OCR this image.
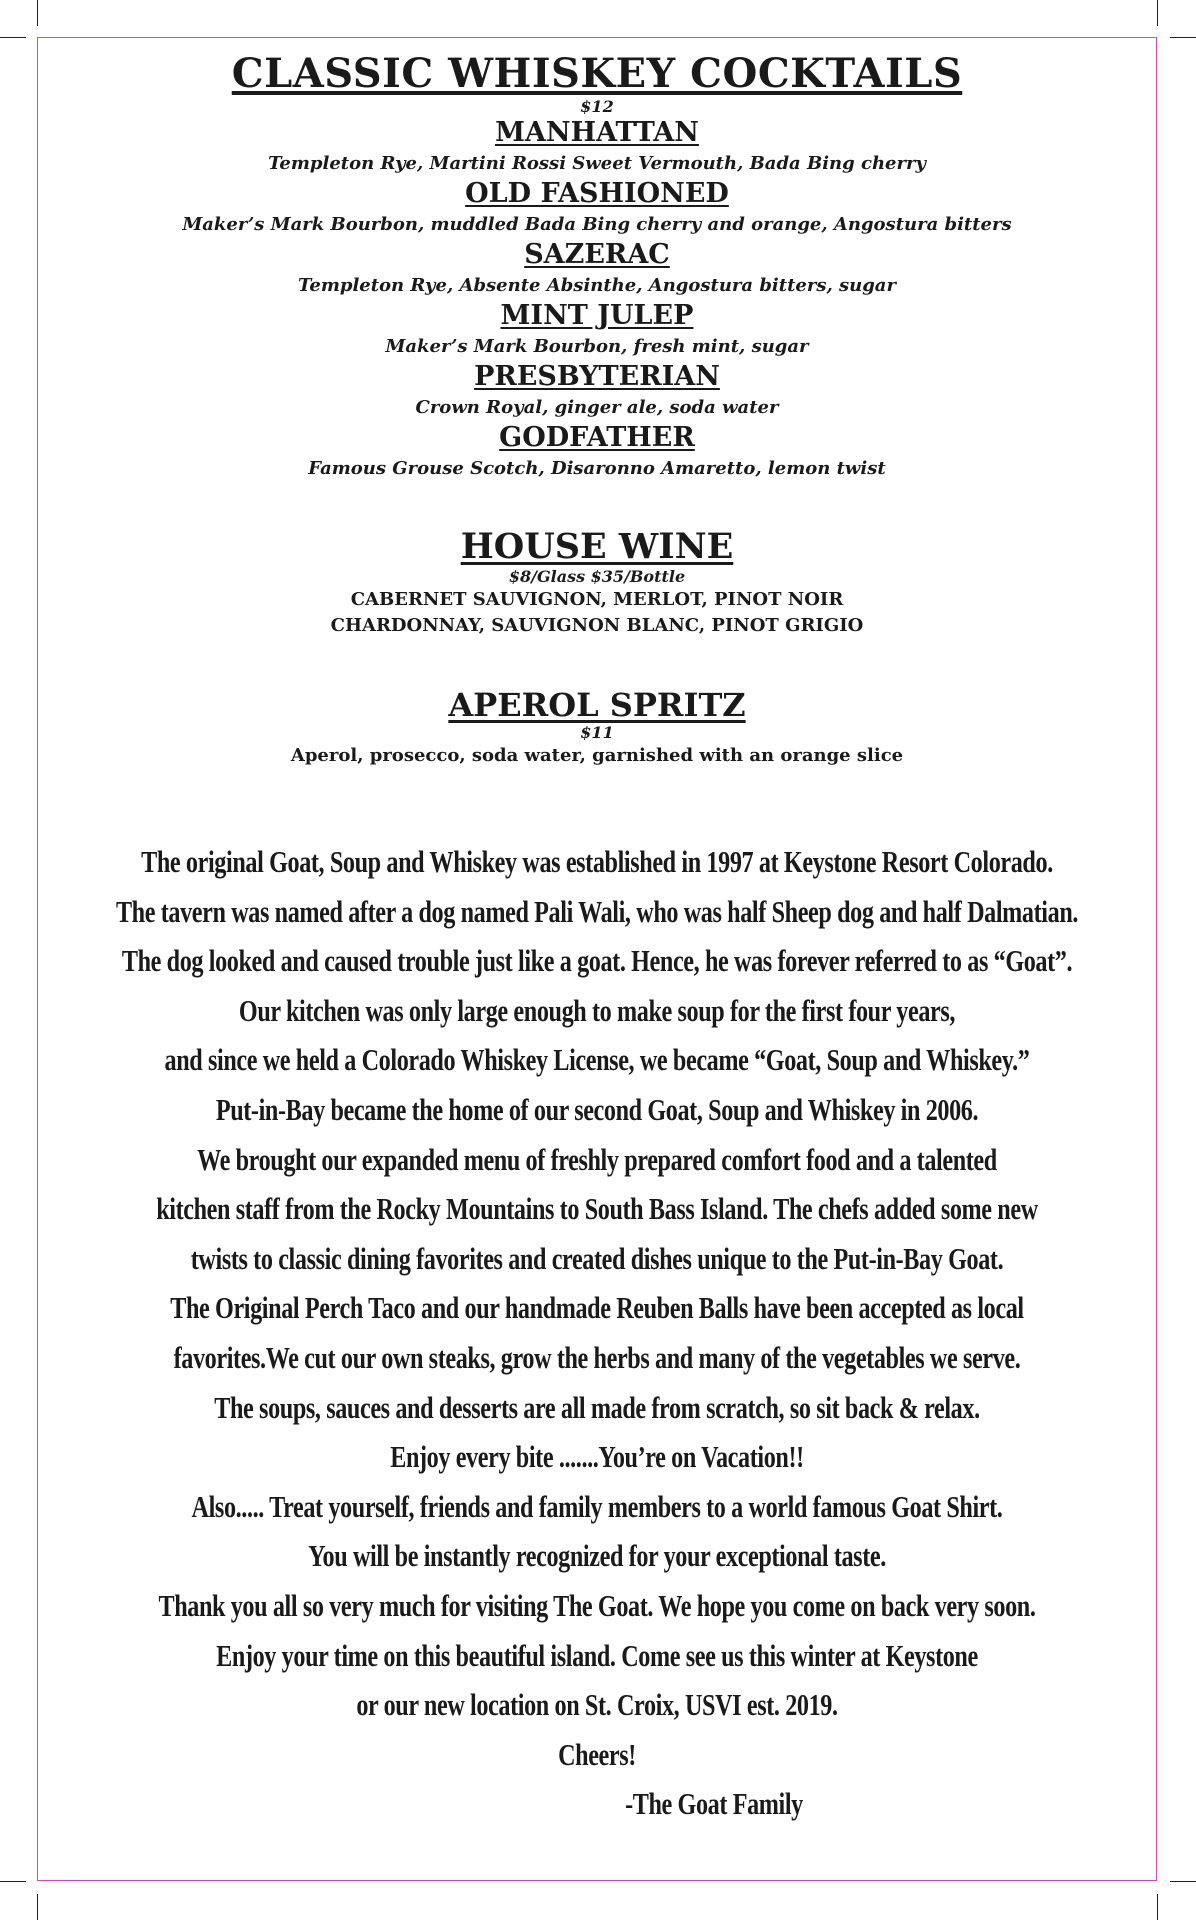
CLASSIC WHISKEY COCKTAILS

$12

MANHATTAN

Templeton Rye, Martini Rossi Sweet Vermouth, Bada Bing cherry

OLD FASHIONED

Maker’s Mark Bourbon, muddled Bada Bing cherry and orange, Angostura bitters

SAZERAC

Templeton Rye, Absente Absinthe, Angostura bitters, sugar

MINT JULEP

Maker’s Mark Bourbon, fresh mint, sugar

PRESBYTERIAN

Crown Royal, ginger ale, soda water

GODFATHER

Famous Grouse Scotch, Disaronno Amaretto, lemon twist

HOUSE WINE

$8/Glass $35/Bottle

CABERNET SAUVIGNON, MERLOT, PINOT NOIR

CHARDONNAY, SAUVIGNON BLANC, PINOT GRIGIO

APEROL SPRITZ

$11

Aperol, prosecco, soda water, garnished with an orange slice

The original Goat, Soup and Whiskey was established in 1997 at Keystone Resort Colorado.
The tavern was named after a dog named Pali Wali, who was half Sheep dog and half Dalmatian.
The dog looked and caused trouble just like a goat. Hence, he was forever referred to as “Goat”.
Our kitchen was only large enough to make soup for the first four years,
and since we held a Colorado Whiskey License, we became “Goat, Soup and Whiskey.”
Put-in-Bay became the home of our second Goat, Soup and Whiskey in 2006.
We brought our expanded menu of freshly prepared comfort food and a talented
kitchen staff from the Rocky Mountains to South Bass Island. The chefs added some new
twists to classic dining favorites and created dishes unique to the Put-in-Bay Goat.
The Original Perch Taco and our handmade Reuben Balls have been accepted as local
favorites.We cut our own steaks, grow the herbs and many of the vegetables we serve.
The soups, sauces and desserts are all made from scratch, so sit back & relax.
Enjoy every bite .......You’re on Vacation!!
Also..... Treat yourself, friends and family members to a world famous Goat Shirt.
You will be instantly recognized for your exceptional taste.
Thank you all so very much for visiting The Goat. We hope you come on back very soon.
Enjoy your time on this beautiful island. Come see us this winter at Keystone
or our new location on St. Croix, USVI est. 2019.
Cheers!
-The Goat Family
